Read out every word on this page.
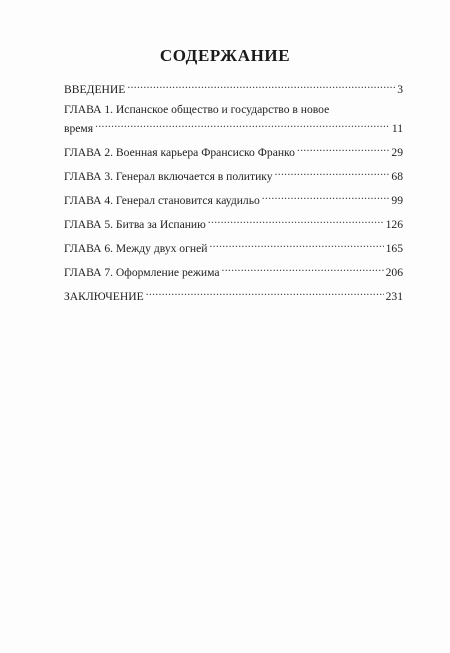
СОДЕРЖАНИЕ
ВВЕДЕНИЕ .....	3
ГЛАВА 1. Испанское общество и государство в новое
время .....	11
ГЛАВА 2. Военная карьера Франсиско Франко .....	29
ГЛАВА 3. Генерал включается в политику .....	68
ГЛАВА 4. Генерал становится каудильо .....	99
ГЛАВА 5. Битва за Испанию .....	126
ГЛАВА 6. Между двух огней .....	165
ГЛАВА 7. Оформление режима .....	206
ЗАКЛЮЧЕНИЕ .....	231
